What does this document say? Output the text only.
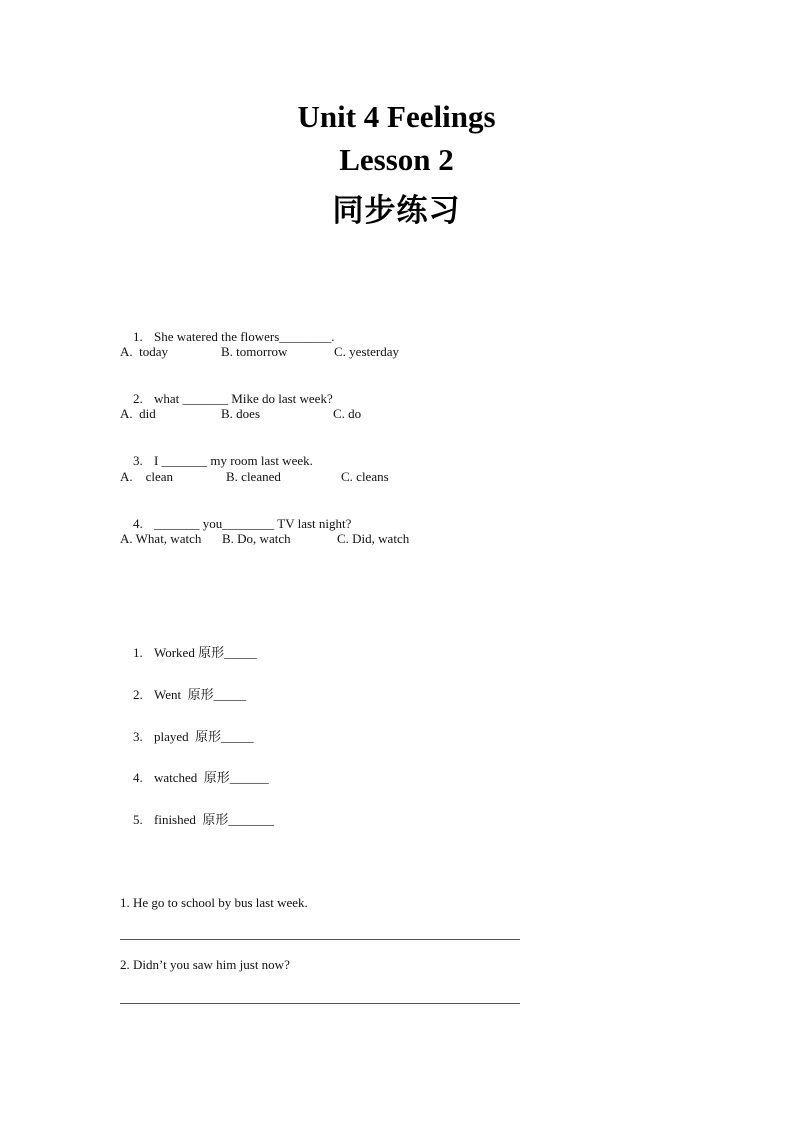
Unit 4 Feelings
Lesson 2
同步练习

1. She watered the flowers________.

A.  today

	B. tomorrow

	C. yesterday

2. what _______ Mike do last week?

A.  did

	B. does

	C. do

3. I _______ my room last week.

A.    clean

	B. cleaned

	C. cleans

4. _______ you________ TV last night?

A. What, watch

B. Do, watch

	C. Did, watch

1. Worked 原形_____

2. Went  原形_____

3. played  原形_____

4. watched  原形______

5. finished  原形_______

1. He go to school by bus last week.
2. Didn’t you saw him just now?
